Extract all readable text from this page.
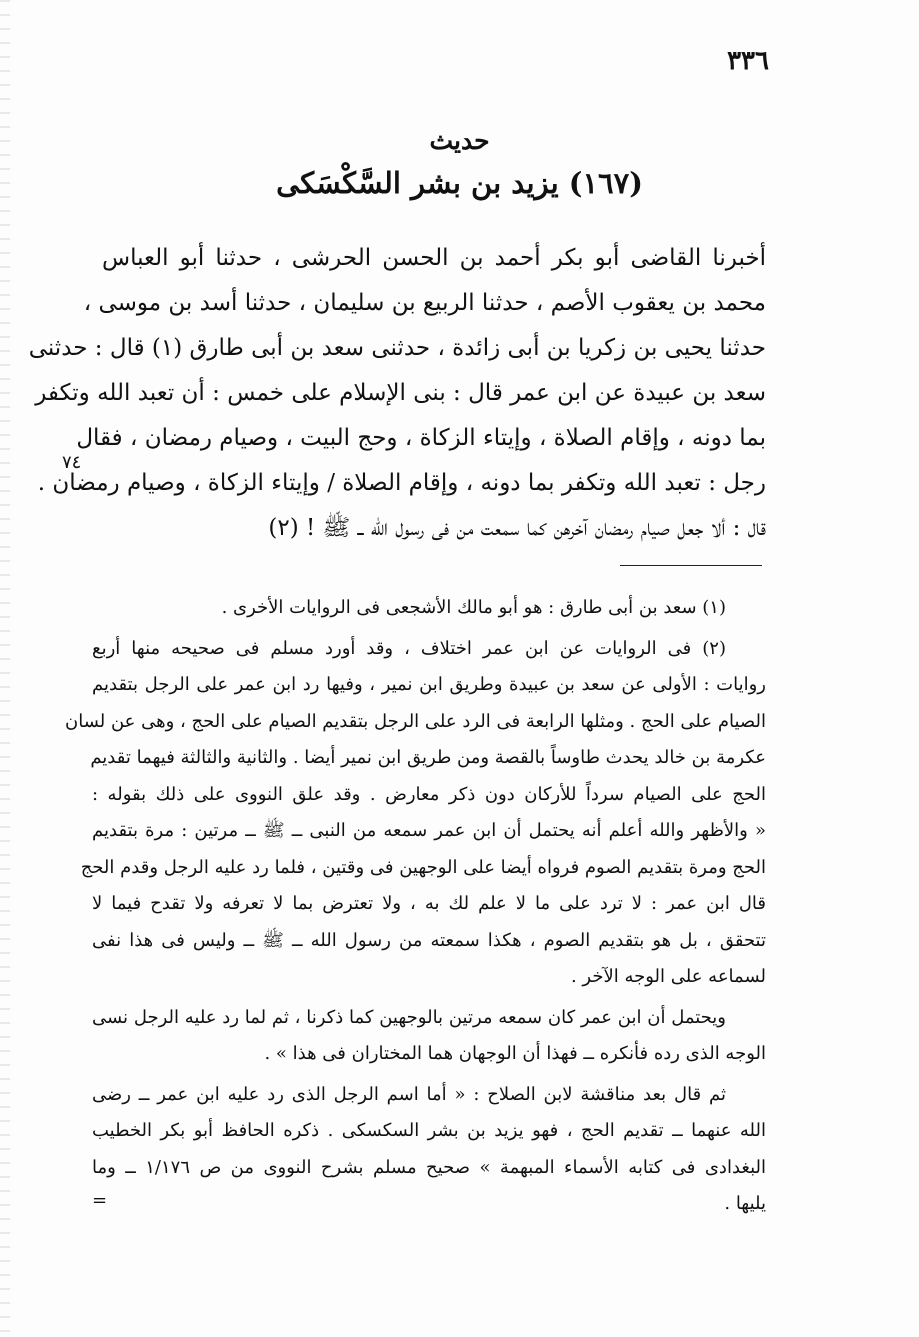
٣٣٦
حديث
(١٦٧) يزيد بن بشر السَّكْسَكى
أخبرنا القاضى أبو بكر أحمد بن الحسن الحرشى ، حدثنا أبو العباس
محمد بن يعقوب الأصم ، حدثنا الربيع بن سليمان ، حدثنا أسد بن موسى ،
حدثنا يحيى بن زكريا بن أبى زائدة ، حدثنى سعد بن أبى طارق (١) قال : حدثنى
سعد بن عبيدة عن ابن عمر قال : بنى الإسلام على خمس : أن تعبد الله وتكفر
بما دونه ، وإقام الصلاة ، وإيتاء الزكاة ، وحج البيت ، وصيام رمضان ، فقال
رجل : تعبد الله وتكفر بما دونه ، وإقام الصلاة / وإيتاء الزكاة ، وصيام رمضان .
قال : ألا جعل صيام رمضان آخرهن كما سمعت من فى رسول الله ــ ﷺ ! (٢)
٧٤
(١) سعد بن أبى طارق : هو أبو مالك الأشجعى فى الروايات الأخرى .
(٢) فى الروايات عن ابن عمر اختلاف ، وقد أورد مسلم فى صحيحه منها أربع
روايات : الأولى عن سعد بن عبيدة وطريق ابن نمير ، وفيها رد ابن عمر على الرجل بتقديم
الصيام على الحج . ومثلها الرابعة فى الرد على الرجل بتقديم الصيام على الحج ، وهى عن لسان
عكرمة بن خالد يحدث طاوساً بالقصة ومن طريق ابن نمير أيضا . والثانية والثالثة فيهما تقديم
الحج على الصيام سرداً للأركان دون ذكر معارض . وقد علق النووى على ذلك بقوله :
« والأظهر والله أعلم أنه يحتمل أن ابن عمر سمعه من النبى ــ ﷺ ــ مرتين : مرة بتقديم
الحج ومرة بتقديم الصوم فرواه أيضا على الوجهين فى وقتين ، فلما رد عليه الرجل وقدم الحج
قال ابن عمر : لا ترد على ما لا علم لك به ، ولا تعترض بما لا تعرفه ولا تقدح فيما لا
تتحقق ، بل هو بتقديم الصوم ، هكذا سمعته من رسول الله ــ ﷺ ــ وليس فى هذا نفى
لسماعه على الوجه الآخر .
ويحتمل أن ابن عمر كان سمعه مرتين بالوجهين كما ذكرنا ، ثم لما رد عليه الرجل نسى
الوجه الذى رده فأنكره ــ فهذا أن الوجهان هما المختاران فى هذا » .
ثم قال بعد مناقشة لابن الصلاح : « أما اسم الرجل الذى رد عليه ابن عمر ــ رضى
الله عنهما ــ تقديم الحج ، فهو يزيد بن بشر السكسكى . ذكره الحافظ أبو بكر الخطيب
البغدادى فى كتابه الأسماء المبهمة » صحيح مسلم بشرح النووى من ص ١/١٧٦ ــ وما
يليها .
=
